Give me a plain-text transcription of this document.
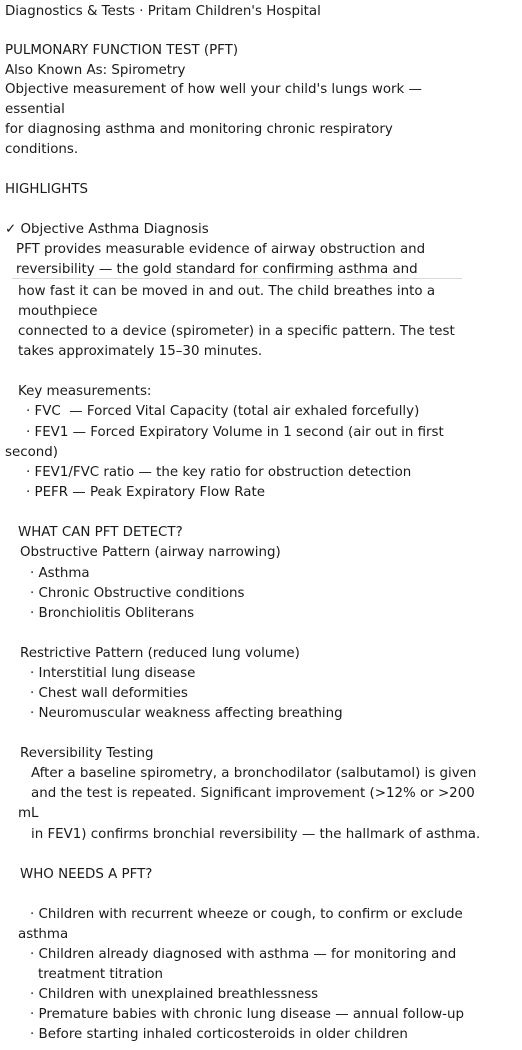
Diagnostics & Tests · Pritam Children's Hospital
PULMONARY FUNCTION TEST (PFT)
Also Known As: Spirometry
Objective measurement of how well your child's lungs work —
essential
for diagnosing asthma and monitoring chronic respiratory
conditions.
HIGHLIGHTS
✓ Objective Asthma Diagnosis
PFT provides measurable evidence of airway obstruction and
reversibility — the gold standard for confirming asthma and
how fast it can be moved in and out. The child breathes into a
mouthpiece
connected to a device (spirometer) in a specific pattern. The test
takes approximately 15–30 minutes.
Key measurements:
· FVC  — Forced Vital Capacity (total air exhaled forcefully)
· FEV1 — Forced Expiratory Volume in 1 second (air out in first
second)
· FEV1/FVC ratio — the key ratio for obstruction detection
· PEFR — Peak Expiratory Flow Rate
WHAT CAN PFT DETECT?
Obstructive Pattern (airway narrowing)
· Asthma
· Chronic Obstructive conditions
· Bronchiolitis Obliterans
Restrictive Pattern (reduced lung volume)
· Interstitial lung disease
· Chest wall deformities
· Neuromuscular weakness affecting breathing
Reversibility Testing
After a baseline spirometry, a bronchodilator (salbutamol) is given
and the test is repeated. Significant improvement (>12% or >200
mL
in FEV1) confirms bronchial reversibility — the hallmark of asthma.
WHO NEEDS A PFT?
· Children with recurrent wheeze or cough, to confirm or exclude
asthma
· Children already diagnosed with asthma — for monitoring and
treatment titration
· Children with unexplained breathlessness
· Premature babies with chronic lung disease — annual follow-up
· Before starting inhaled corticosteroids in older children
